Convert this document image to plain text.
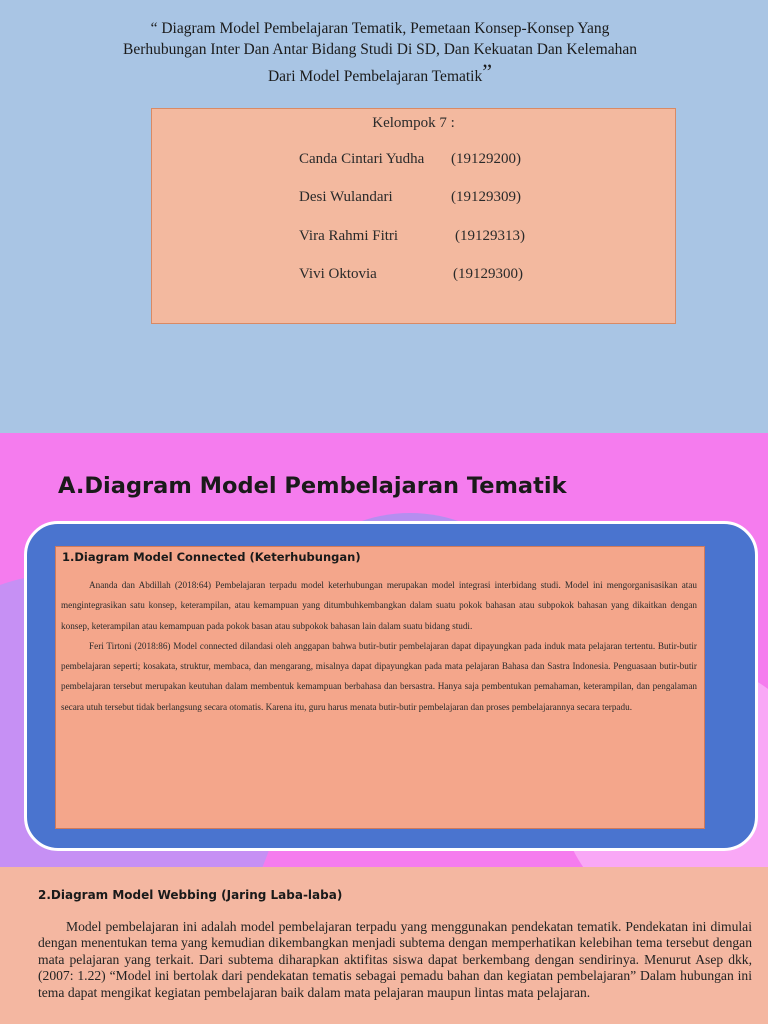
“ Diagram Model Pembelajaran Tematik, Pemetaan Konsep-Konsep Yang
Berhubungan Inter Dan Antar Bidang Studi Di SD, Dan Kekuatan Dan Kelemahan
Dari Model Pembelajaran Tematik”
Kelompok 7 :
Canda Cintari Yudha (19129200)
Desi Wulandari	(19129309)
Vira Rahmi Fitri	(19129313)
Vivi Oktovia	(19129300)
A.Diagram Model Pembelajaran Tematik
1.Diagram Model Connected (Keterhubungan)

Ananda dan Abdillah (2018:64) Pembelajaran terpadu model keterhubungan merupakan model integrasi interbidang studi. Model ini mengorganisasikan atau mengintegrasikan satu konsep, keterampilan, atau kemampuan yang ditumbuhkembangkan dalam suatu pokok bahasan atau subpokok bahasan yang dikaitkan dengan konsep, keterampilan atau kemampuan pada pokok basan atau subpokok bahasan lain dalam suatu bidang studi.

Feri Tirtoni (2018:86) Model connected dilandasi oleh anggapan bahwa butir-butir pembelajaran dapat dipayungkan pada induk mata pelajaran tertentu. Butir-butir pembelajaran seperti; kosakata, struktur, membaca, dan mengarang, misalnya dapat dipayungkan pada mata pelajaran Bahasa dan Sastra Indonesia. Penguasaan butir-butir pembelajaran tersebut merupakan keutuhan dalam membentuk kemampuan berbahasa dan bersastra. Hanya saja pembentukan pemahaman, keterampilan, dan pengalaman secara utuh tersebut tidak berlangsung secara otomatis. Karena itu, guru harus menata butir-butir pembelajaran dan proses pembelajarannya secara terpadu.

2.Diagram Model Webbing (Jaring Laba-laba)

Model pembelajaran ini adalah model pembelajaran terpadu yang menggunakan pendekatan tematik. Pendekatan ini dimulai dengan menentukan tema yang kemudian dikembangkan menjadi subtema dengan memperhatikan kelebihan tema tersebut dengan mata pelajaran yang terkait. Dari subtema diharapkan aktifitas siswa dapat berkembang dengan sendirinya. Menurut Asep dkk, (2007: 1.22) “Model ini bertolak dari pendekatan tematis sebagai pemadu bahan dan kegiatan pembelajaran” Dalam hubungan ini tema dapat mengikat kegiatan pembelajaran baik dalam mata pelajaran maupun lintas mata pelajaran.
